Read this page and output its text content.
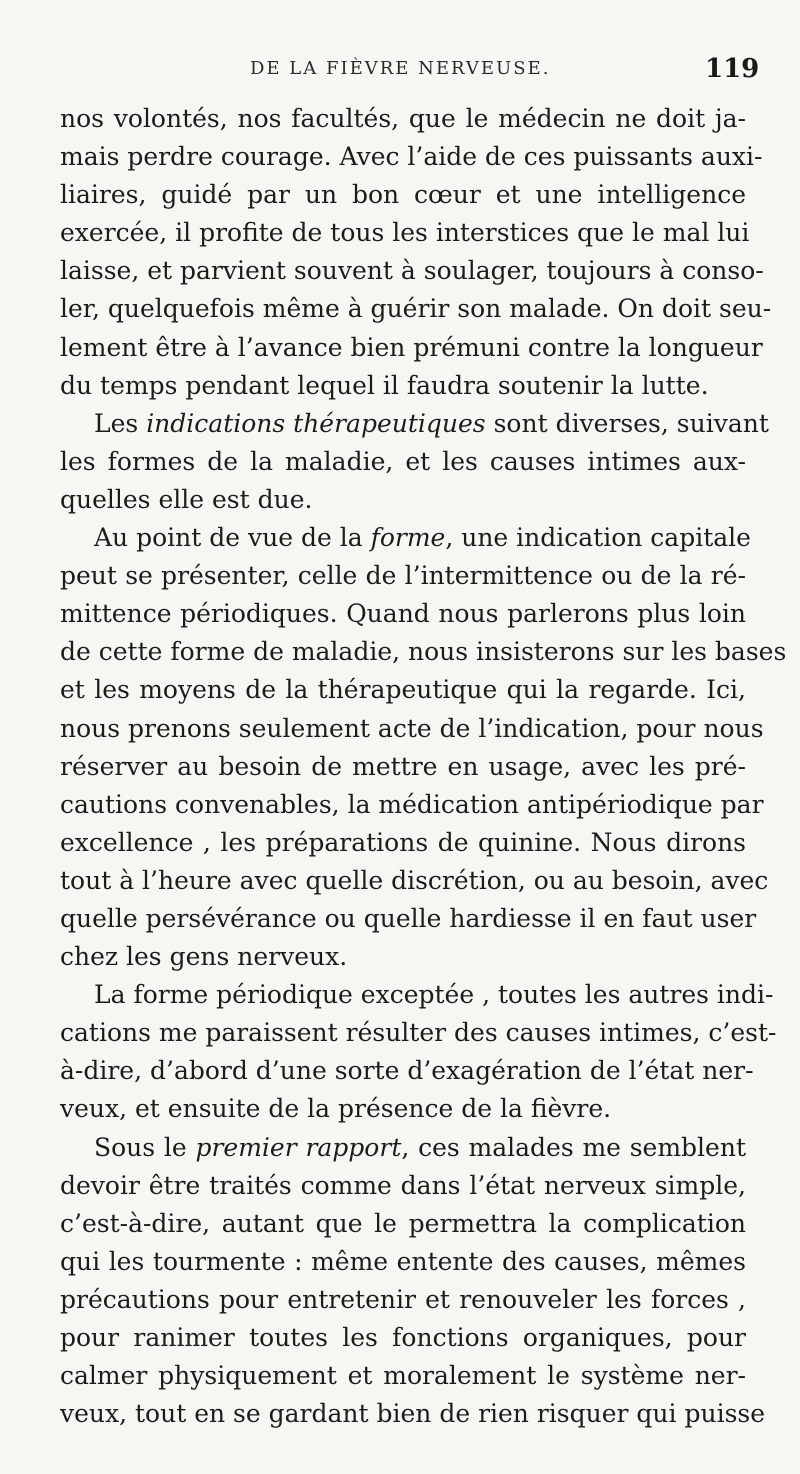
DE LA FIÈVRE NERVEUSE.	119
nos volontés, nos facultés, que le médecin ne doit ja-
mais perdre courage. Avec l’aide de ces puissants auxi-
liaires, guidé par un bon cœur et une intelligence
exercée, il profite de tous les interstices que le mal lui
laisse, et parvient souvent à soulager, toujours à conso-
ler, quelquefois même à guérir son malade. On doit seu-
lement être à l’avance bien prémuni contre la longueur
du temps pendant lequel il faudra soutenir la lutte.
Les indications thérapeutiques sont diverses, suivant
les formes de la maladie, et les causes intimes aux-
quelles elle est due.
Au point de vue de la forme, une indication capitale
peut se présenter, celle de l’intermittence ou de la ré-
mittence périodiques. Quand nous parlerons plus loin
de cette forme de maladie, nous insisterons sur les bases
et les moyens de la thérapeutique qui la regarde. Ici,
nous prenons seulement acte de l’indication, pour nous
réserver au besoin de mettre en usage, avec les pré-
cautions convenables, la médication antipériodique par
excellence , les préparations de quinine. Nous dirons
tout à l’heure avec quelle discrétion, ou au besoin, avec
quelle persévérance ou quelle hardiesse il en faut user
chez les gens nerveux.
La forme périodique exceptée , toutes les autres indi-
cations me paraissent résulter des causes intimes, c’est-
à-dire, d’abord d’une sorte d’exagération de l’état ner-
veux, et ensuite de la présence de la fièvre.
Sous le premier rapport, ces malades me semblent
devoir être traités comme dans l’état nerveux simple,
c’est-à-dire, autant que le permettra la complication
qui les tourmente : même entente des causes, mêmes
précautions pour entretenir et renouveler les forces ,
pour ranimer toutes les fonctions organiques, pour
calmer physiquement et moralement le système ner-
veux, tout en se gardant bien de rien risquer qui puisse
